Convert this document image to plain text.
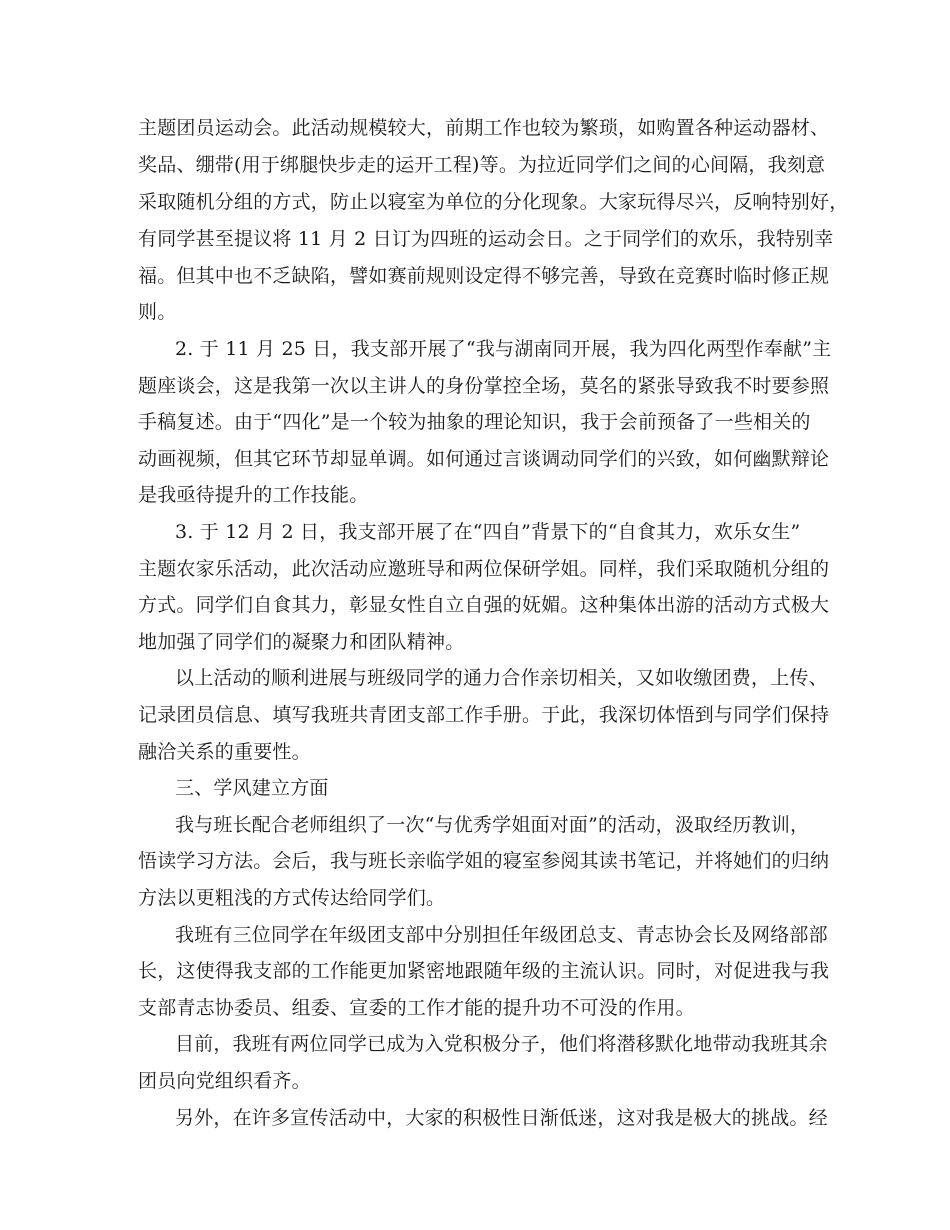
主题团员运动会。此活动规模较大，前期工作也较为繁琐，如购置各种运动器材、
奖品、绷带(用于绑腿快步走的运开工程)等。为拉近同学们之间的心间隔，我刻意
采取随机分组的方式，防止以寝室为单位的分化现象。大家玩得尽兴，反响特别好，
有同学甚至提议将 11 月 2 日订为四班的运动会日。之于同学们的欢乐，我特别幸
福。但其中也不乏缺陷，譬如赛前规则设定得不够完善，导致在竞赛时临时修正规
则。
2. 于 11 月 25 日，我支部开展了“我与湖南同开展，我为四化两型作奉献”主
题座谈会，这是我第一次以主讲人的身份掌控全场，莫名的紧张导致我不时要参照
手稿复述。由于“四化”是一个较为抽象的理论知识，我于会前预备了一些相关的
动画视频，但其它环节却显单调。如何通过言谈调动同学们的兴致，如何幽默辩论
是我亟待提升的工作技能。
3. 于 12 月 2 日，我支部开展了在“四自”背景下的“自食其力，欢乐女生”
主题农家乐活动，此次活动应邀班导和两位保研学姐。同样，我们采取随机分组的
方式。同学们自食其力，彰显女性自立自强的妩媚。这种集体出游的活动方式极大
地加强了同学们的凝聚力和团队精神。
以上活动的顺利进展与班级同学的通力合作亲切相关，又如收缴团费，上传、
记录团员信息、填写我班共青团支部工作手册。于此，我深切体悟到与同学们保持
融洽关系的重要性。
三、学风建立方面
我与班长配合老师组织了一次“与优秀学姐面对面”的活动，汲取经历教训，
悟读学习方法。会后，我与班长亲临学姐的寝室参阅其读书笔记，并将她们的归纳
方法以更粗浅的方式传达给同学们。
我班有三位同学在年级团支部中分别担任年级团总支、青志协会长及网络部部
长，这使得我支部的工作能更加紧密地跟随年级的主流认识。同时，对促进我与我
支部青志协委员、组委、宣委的工作才能的提升功不可没的作用。
目前，我班有两位同学已成为入党积极分子，他们将潜移默化地带动我班其余
团员向党组织看齐。
另外，在许多宣传活动中，大家的积极性日渐低迷，这对我是极大的挑战。经
